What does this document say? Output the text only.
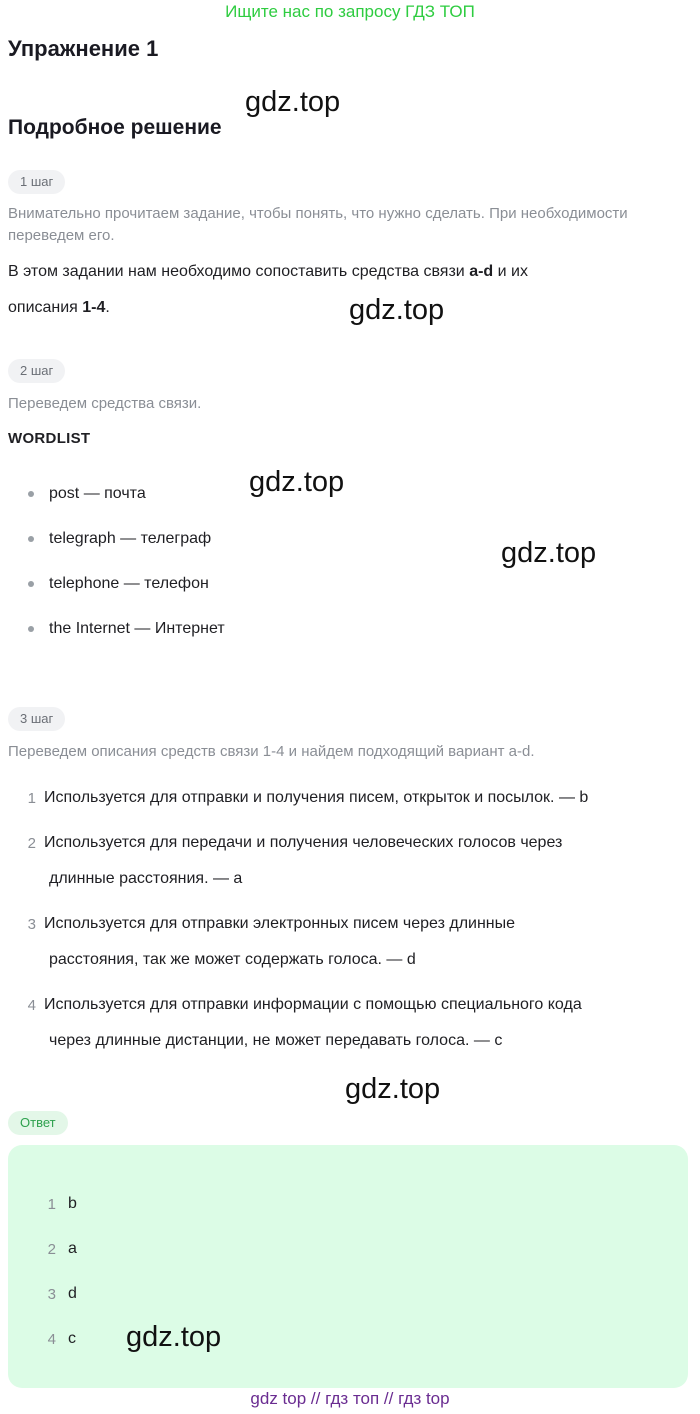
Ищите нас по запросу ГДЗ ТОП
Упражнение 1
gdz.top
Подробное решение
1 шаг
Внимательно прочитаем задание, чтобы понять, что нужно сделать. При необходимости переведем его.
В этом задании нам необходимо сопоставить средства связи a-d и их
описания 1-4.	gdz.top
2 шаг
Переведем средства связи.
WORDLIST
gdz.top
post — почта
telegraph — телеграф
telephone — телефон
the Internet — Интернет
gdz.top
3 шаг
Переведем описания средств связи 1-4 и найдем подходящий вариант a-d.
1 Используется для отправки и получения писем, открыток и посылок. — b
2 Используется для передачи и получения человеческих голосов через
длинные расстояния. — a
3 Используется для отправки электронных писем через длинные
расстояния, так же может содержать голоса. — d
4 Используется для отправки информации с помощью специального кода
через длинные дистанции, не может передавать голоса. — c
gdz.top
Ответ
1 b
2 a
3 d
4 c gdz.top
gdz top // гдз топ // гдз top
